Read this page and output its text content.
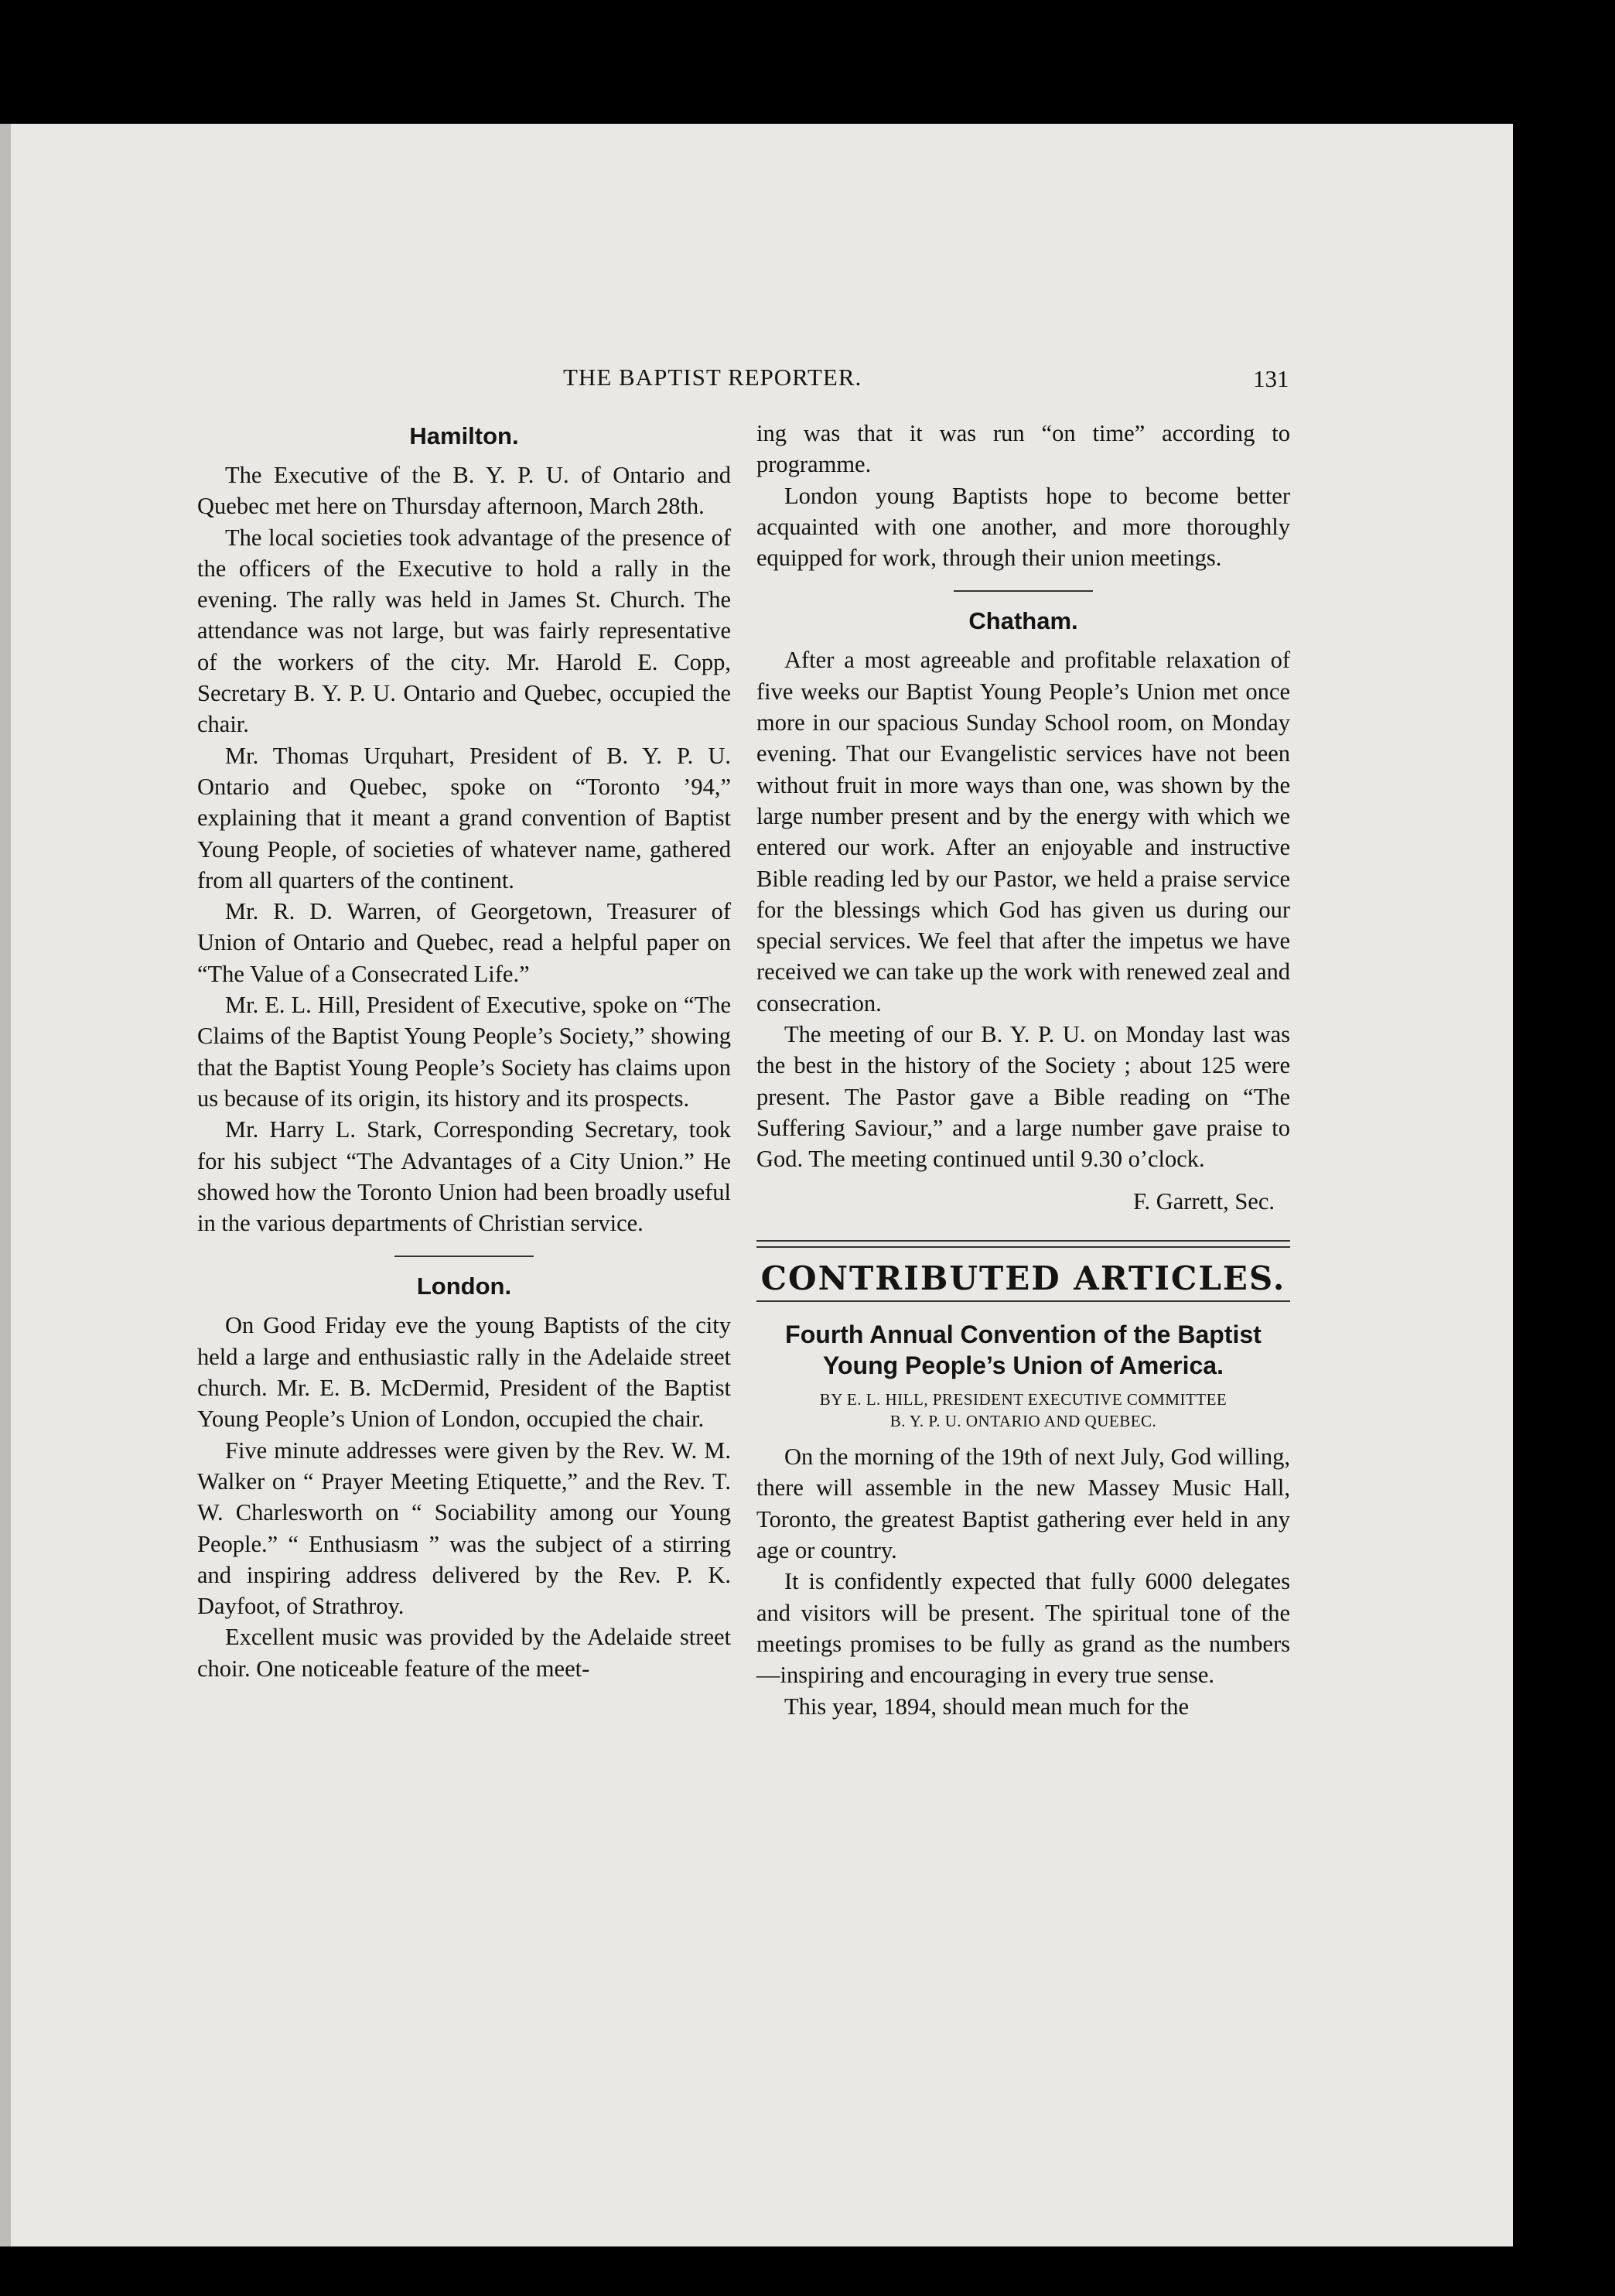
THE BAPTIST REPORTER.	131
Hamilton.

The Executive of the B. Y. P. U. of Ontario and Quebec met here on Thursday afternoon, March 28th.

The local societies took advantage of the presence of the officers of the Executive to hold a rally in the evening. The rally was held in James St. Church. The attendance was not large, but was fairly representative of the workers of the city. Mr. Harold E. Copp, Secretary B. Y. P. U. Ontario and Quebec, occupied the chair.

Mr. Thomas Urquhart, President of B. Y. P. U. Ontario and Quebec, spoke on “Toronto ’94,” explaining that it meant a grand convention of Baptist Young People, of societies of whatever name, gathered from all quarters of the continent.

Mr. R. D. Warren, of Georgetown, Treasurer of Union of Ontario and Quebec, read a helpful paper on “The Value of a Consecrated Life.”

Mr. E. L. Hill, President of Executive, spoke on “The Claims of the Baptist Young People’s Society,” showing that the Baptist Young People’s Society has claims upon us because of its origin, its history and its prospects.

Mr. Harry L. Stark, Corresponding Secretary, took for his subject “The Advantages of a City Union.” He showed how the Toronto Union had been broadly useful in the various departments of Christian service.

London.

On Good Friday eve the young Baptists of the city held a large and enthusiastic rally in the Adelaide street church. Mr. E. B. McDermid, President of the Baptist Young People’s Union of London, occupied the chair.

Five minute addresses were given by the Rev. W. M. Walker on “ Prayer Meeting Etiquette,” and the Rev. T. W. Charlesworth on “ Sociability among our Young People.” “ Enthusiasm ” was the subject of a stirring and inspiring address delivered by the Rev. P. K. Dayfoot, of Strathroy.

Excellent music was provided by the Adelaide street choir. One noticeable feature of the meet-

ing was that it was run “on time” according to programme.

London young Baptists hope to become better acquainted with one another, and more thoroughly equipped for work, through their union meetings.

Chatham.

After a most agreeable and profitable relaxation of five weeks our Baptist Young People’s Union met once more in our spacious Sunday School room, on Monday evening. That our Evangelistic services have not been without fruit in more ways than one, was shown by the large number present and by the energy with which we entered our work. After an enjoyable and instructive Bible reading led by our Pastor, we held a praise service for the blessings which God has given us during our special services. We feel that after the impetus we have received we can take up the work with renewed zeal and consecration.

The meeting of our B. Y. P. U. on Monday last was the best in the history of the Society ; about 125 were present. The Pastor gave a Bible reading on “The Suffering Saviour,” and a large number gave praise to God. The meeting continued until 9.30 o’clock.

F. Garrett, Sec.

CONTRIBUTED ARTICLES.
Fourth Annual Convention of the Baptist Young People’s Union of America.
BY E. L. HILL, PRESIDENT EXECUTIVE COMMITTEE
B. Y. P. U. ONTARIO AND QUEBEC.

On the morning of the 19th of next July, God willing, there will assemble in the new Massey Music Hall, Toronto, the greatest Baptist gathering ever held in any age or country.

It is confidently expected that fully 6000 delegates and visitors will be present. The spiritual tone of the meetings promises to be fully as grand as the numbers—inspiring and encouraging in every true sense.

This year, 1894, should mean much for the
